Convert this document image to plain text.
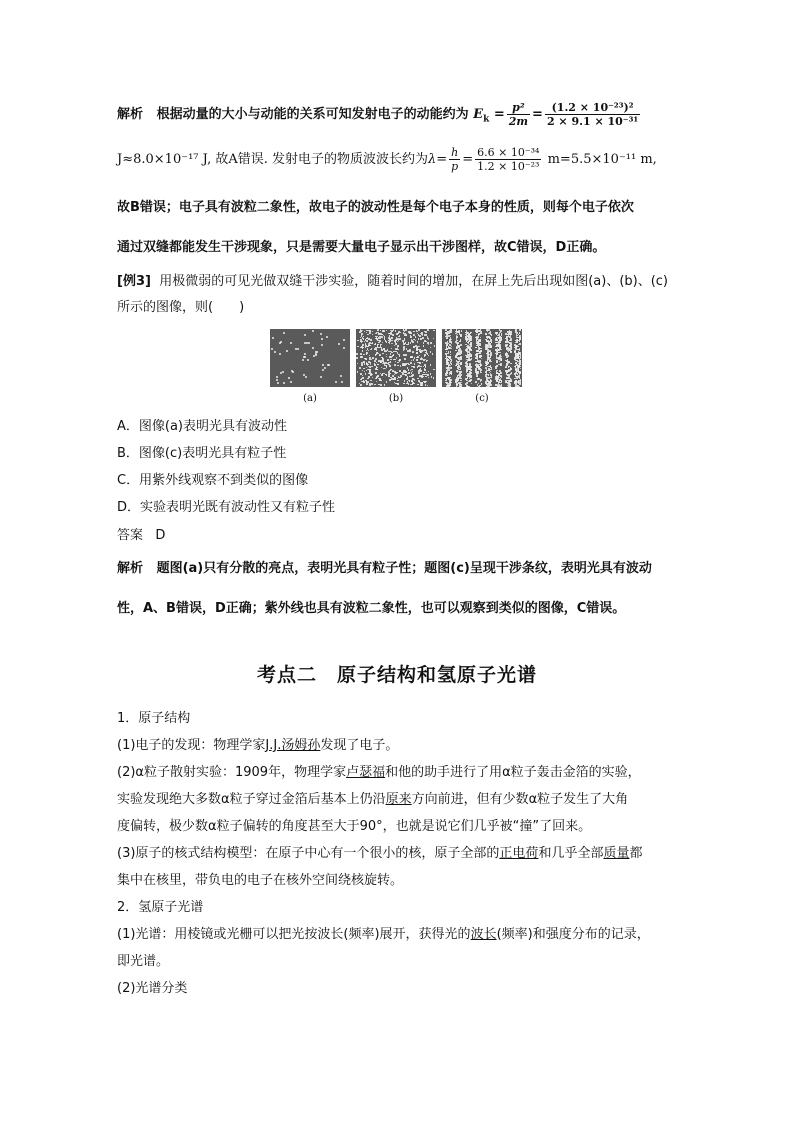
解析 根据动量的大小与动能的关系可知发射电子的动能约为 $E_k = \frac{\text{p²}}{2m} = \frac{\text{(1.2 × 10⁻²³)²}}{\text{2 × 9.1 × 10⁻³¹}}$
J≈8.0×10⁻¹⁷ J, 故A错误. 发射电子的物质波波长约为$\lambda= \frac{h}{p} = \frac{\text{6.6 × 10⁻³⁴}}{\text{1.2 × 10⁻²³}} m=5.5\times 10^{-11}$ m,
故B错误；电子具有波粒二象性，故电子的波动性是每个电子本身的性质，则每个电子依次
通过双缝都能发生干涉现象，只是需要大量电子显示出干涉图样，故C错误，D正确。
[例3] 用极微弱的可见光做双缝干涉实验，随着时间的增加，在屏上先后出现如图(a)、(b)、(c)
所示的图像，则(　　)
(a)	(b)	(c)
A．图像(a)表明光具有波动性
B．图像(c)表明光具有粒子性
C．用紫外线观察不到类似的图像
D．实验表明光既有波动性又有粒子性
答案 D
解析 题图(a)只有分散的亮点，表明光具有粒子性；题图(c)呈现干涉条纹，表明光具有波动
性，A、B错误，D正确；紫外线也具有波粒二象性，也可以观察到类似的图像，C错误。
考点二　原子结构和氢原子光谱
1．原子结构
(1)电子的发现：物理学家J.J.汤姆孙发现了电子。
(2)α粒子散射实验：1909年，物理学家卢瑟福和他的助手进行了用α粒子轰击金箔的实验，
实验发现绝大多数α粒子穿过金箔后基本上仍沿原来方向前进，但有少数α粒子发生了大角
度偏转，极少数α粒子偏转的角度甚至大于90°，也就是说它们几乎被“撞”了回来。
(3)原子的核式结构模型：在原子中心有一个很小的核，原子全部的正电荷和几乎全部质量都
集中在核里，带负电的电子在核外空间绕核旋转。
2．氢原子光谱
(1)光谱：用棱镜或光栅可以把光按波长(频率)展开，获得光的波长(频率)和强度分布的记录，
即光谱。
(2)光谱分类
